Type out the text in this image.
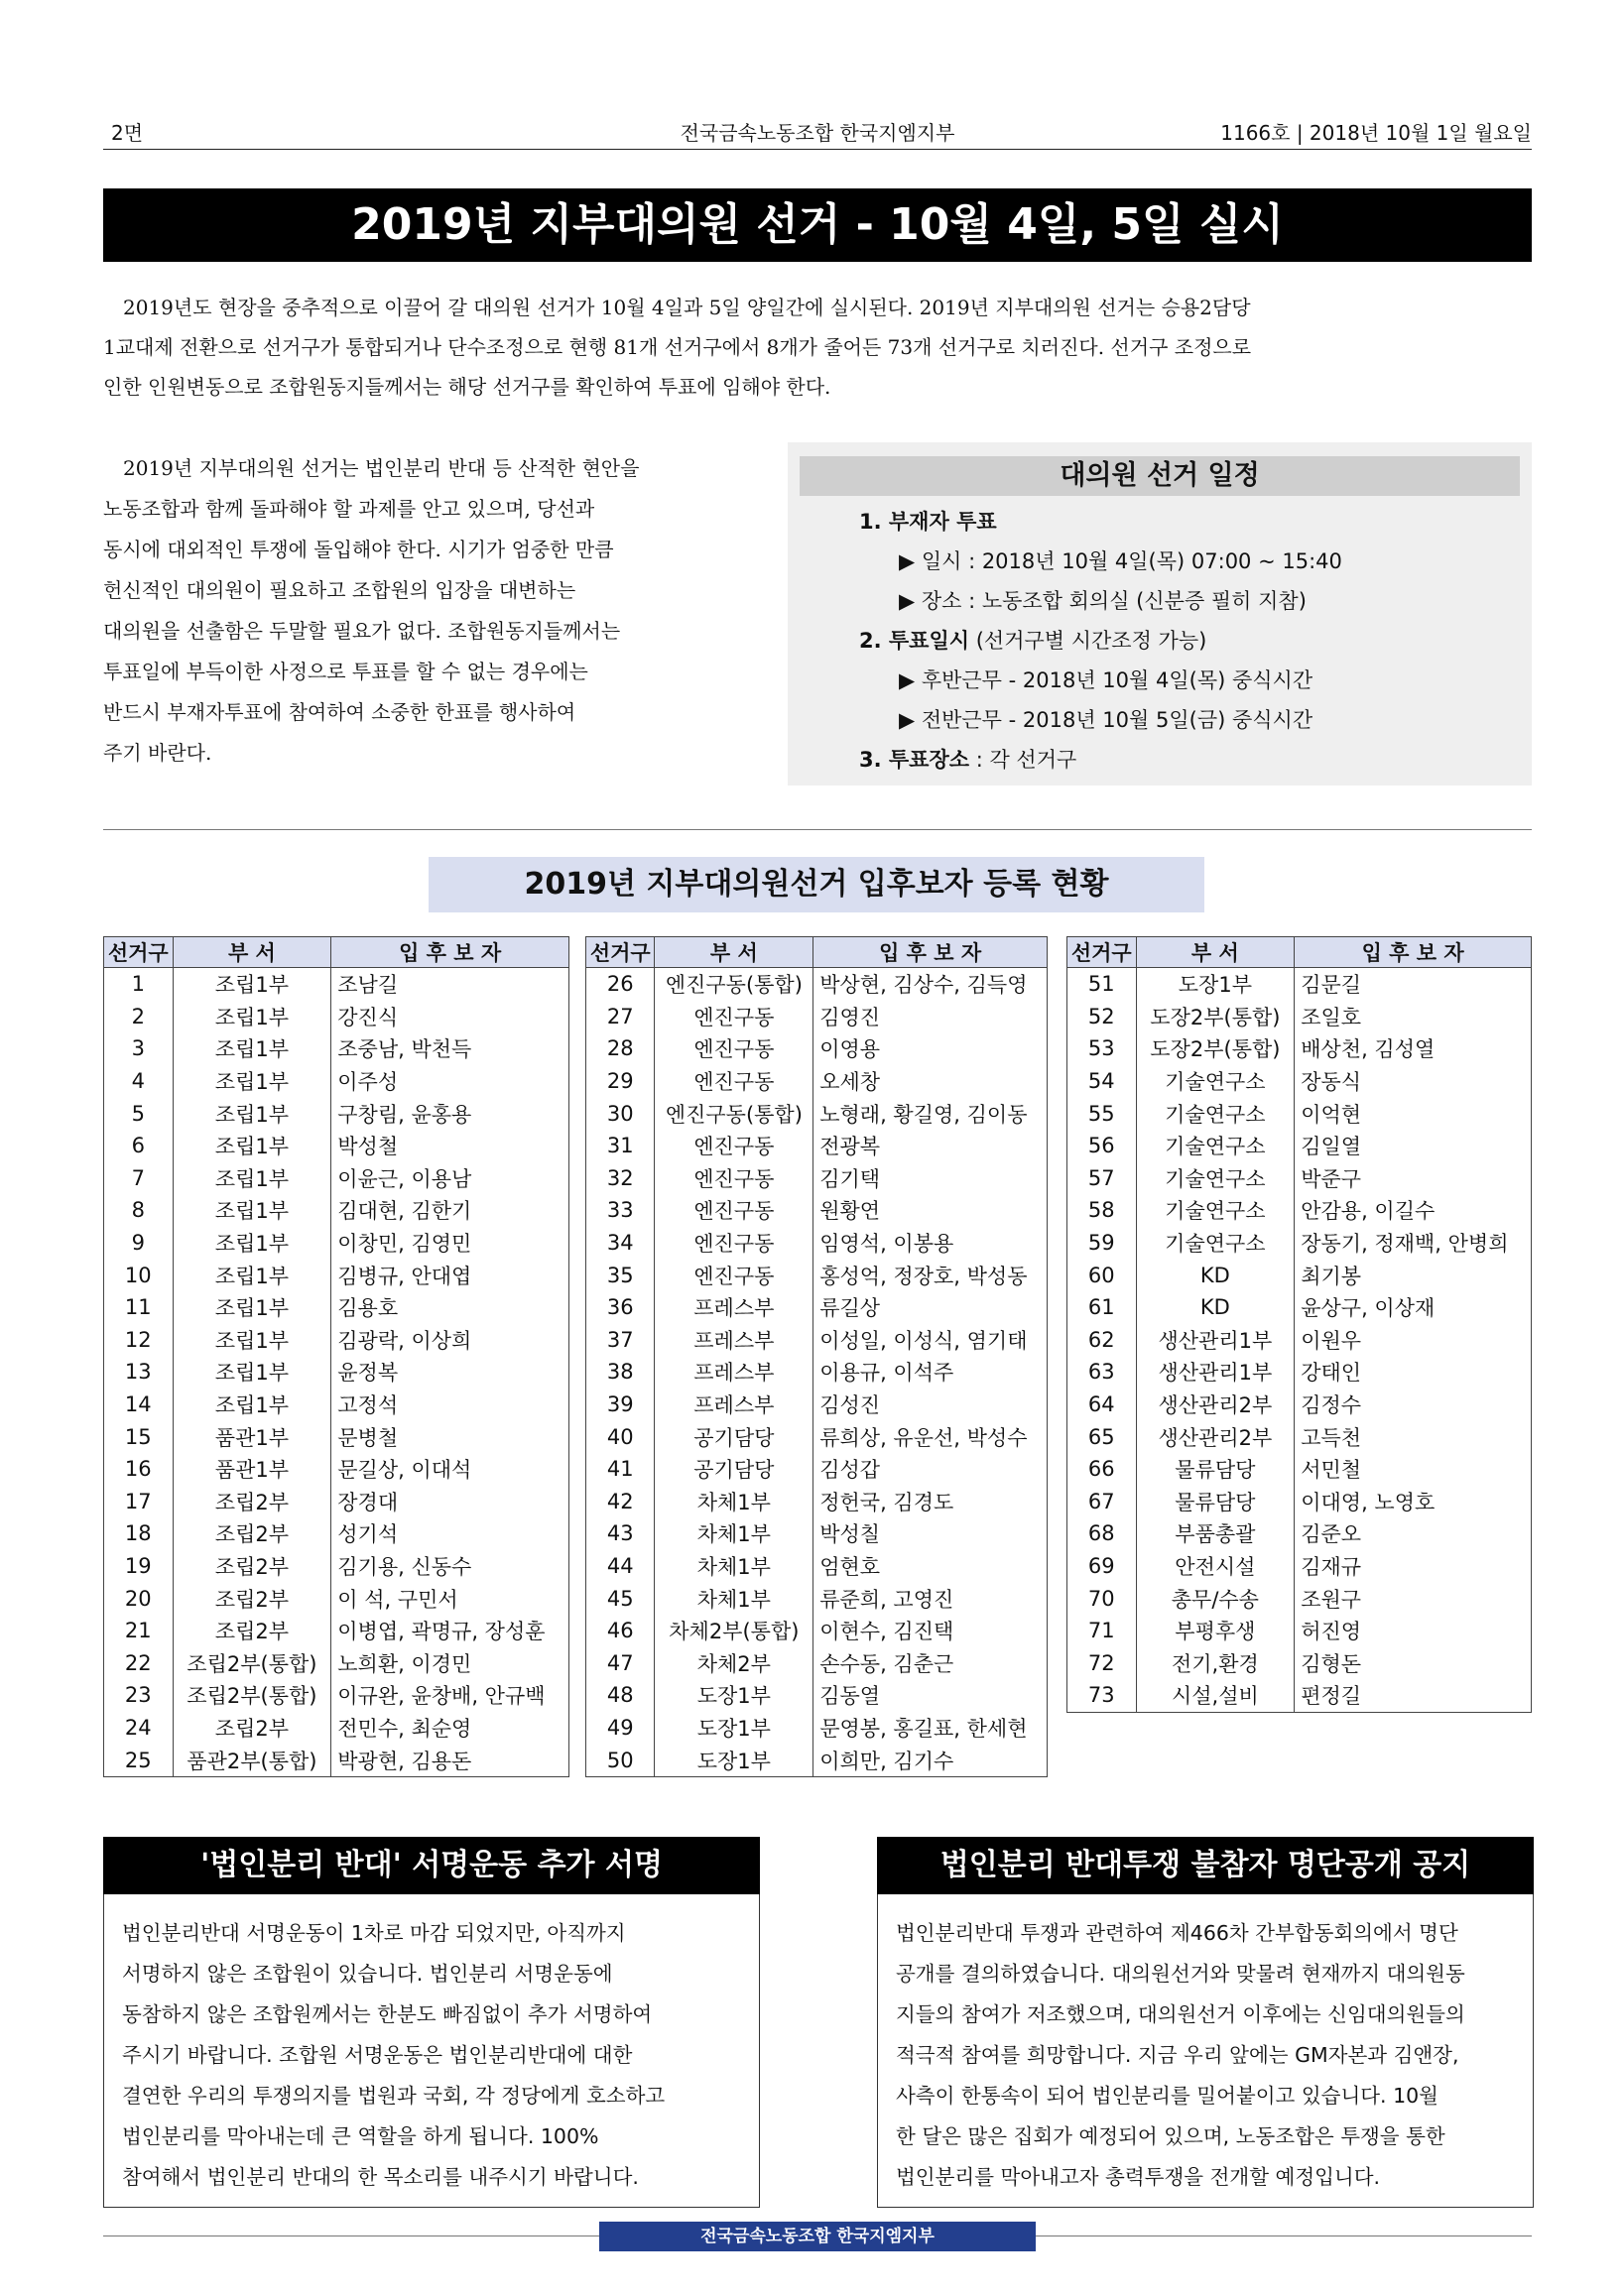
2면	전국금속노동조합 한국지엠지부	1166호 | 2018년 10월 1일 월요일
2019년 지부대의원 선거 - 10월 4일, 5일 실시
2019년도 현장을 중추적으로 이끌어 갈 대의원 선거가 10월 4일과 5일 양일간에 실시된다. 2019년 지부대의원 선거는 승용2담당
1교대제 전환으로 선거구가 통합되거나 단수조정으로 현행 81개 선거구에서 8개가 줄어든 73개 선거구로 치러진다. 선거구 조정으로
인한 인원변동으로 조합원동지들께서는 해당 선거구를 확인하여 투표에 임해야 한다.
2019년 지부대의원 선거는 법인분리 반대 등 산적한 현안을
노동조합과 함께 돌파해야 할 과제를 안고 있으며, 당선과
동시에 대외적인 투쟁에 돌입해야 한다. 시기가 엄중한 만큼
헌신적인 대의원이 필요하고 조합원의 입장을 대변하는
대의원을 선출함은 두말할 필요가 없다. 조합원동지들께서는
투표일에 부득이한 사정으로 투표를 할 수 없는 경우에는
반드시 부재자투표에 참여하여 소중한 한표를 행사하여
주기 바란다.
대의원 선거 일정
1. 부재자 투표
▶ 일시 : 2018년 10월 4일(목) 07:00 ~ 15:40
▶ 장소 : 노동조합 회의실 (신분증 필히 지참)
2. 투표일시 (선거구별 시간조정 가능)
▶ 후반근무 - 2018년 10월 4일(목) 중식시간
▶ 전반근무 - 2018년 10월 5일(금) 중식시간
3. 투표장소 : 각 선거구
2019년 지부대의원선거 입후보자 등록 현황
선거구	부 서	입 후 보 자
1	조립1부	조남길
2	조립1부	강진식
3	조립1부	조중남, 박천득
4	조립1부	이주성
5	조립1부	구창림, 윤홍용
6	조립1부	박성철
7	조립1부	이윤근, 이용남
8	조립1부	김대현, 김한기
9	조립1부	이창민, 김영민
10	조립1부	김병규, 안대엽
11	조립1부	김용호
12	조립1부	김광락, 이상희
13	조립1부	윤정복
14	조립1부	고정석
15	품관1부	문병철
16	품관1부	문길상, 이대석
17	조립2부	장경대
18	조립2부	성기석
19	조립2부	김기용, 신동수
20	조립2부	이 석, 구민서
21	조립2부	이병엽, 곽명규, 장성훈
22	조립2부(통합)	노희환, 이경민
23	조립2부(통합)	이규완, 윤창배, 안규백
24	조립2부	전민수, 최순영
25	품관2부(통합)	박광현, 김용돈
선거구	부 서	입 후 보 자
26	엔진구동(통합)	박상현, 김상수, 김득영
27	엔진구동	김영진
28	엔진구동	이영용
29	엔진구동	오세창
30	엔진구동(통합)	노형래, 황길영, 김이동
31	엔진구동	전광복
32	엔진구동	김기택
33	엔진구동	원황연
34	엔진구동	임영석, 이봉용
35	엔진구동	홍성억, 정장호, 박성동
36	프레스부	류길상
37	프레스부	이성일, 이성식, 염기태
38	프레스부	이용규, 이석주
39	프레스부	김성진
40	공기담당	류희상, 유운선, 박성수
41	공기담당	김성갑
42	차체1부	정헌국, 김경도
43	차체1부	박성칠
44	차체1부	엄현호
45	차체1부	류준희, 고영진
46	차체2부(통합)	이현수, 김진택
47	차체2부	손수동, 김춘근
48	도장1부	김동열
49	도장1부	문영봉, 홍길표, 한세현
50	도장1부	이희만, 김기수
선거구	부 서	입 후 보 자
51	도장1부	김문길
52	도장2부(통합)	조일호
53	도장2부(통합)	배상천, 김성열
54	기술연구소	장동식
55	기술연구소	이억현
56	기술연구소	김일열
57	기술연구소	박준구
58	기술연구소	안감용, 이길수
59	기술연구소	장동기, 정재백, 안병희
60	KD	최기봉
61	KD	윤상구, 이상재
62	생산관리1부	이원우
63	생산관리1부	강태인
64	생산관리2부	김정수
65	생산관리2부	고득천
66	물류담당	서민철
67	물류담당	이대영, 노영호
68	부품총괄	김준오
69	안전시설	김재규
70	총무/수송	조원구
71	부평후생	허진영
72	전기,환경	김형돈
73	시설,설비	편정길
'법인분리 반대' 서명운동 추가 서명
법인분리반대 서명운동이 1차로 마감 되었지만, 아직까지
서명하지 않은 조합원이 있습니다. 법인분리 서명운동에
동참하지 않은 조합원께서는 한분도 빠짐없이 추가 서명하여
주시기 바랍니다. 조합원 서명운동은 법인분리반대에 대한
결연한 우리의 투쟁의지를 법원과 국회, 각 정당에게 호소하고
법인분리를 막아내는데 큰 역할을 하게 됩니다. 100%
참여해서 법인분리 반대의 한 목소리를 내주시기 바랍니다.
법인분리 반대투쟁 불참자 명단공개 공지
법인분리반대 투쟁과 관련하여 제466차 간부합동회의에서 명단
공개를 결의하였습니다. 대의원선거와 맞물려 현재까지 대의원동
지들의 참여가 저조했으며, 대의원선거 이후에는 신임대의원들의
적극적 참여를 희망합니다. 지금 우리 앞에는 GM자본과 김앤장,
사측이 한통속이 되어 법인분리를 밀어붙이고 있습니다. 10월
한 달은 많은 집회가 예정되어 있으며, 노동조합은 투쟁을 통한
법인분리를 막아내고자 총력투쟁을 전개할 예정입니다.
전국금속노동조합 한국지엠지부
